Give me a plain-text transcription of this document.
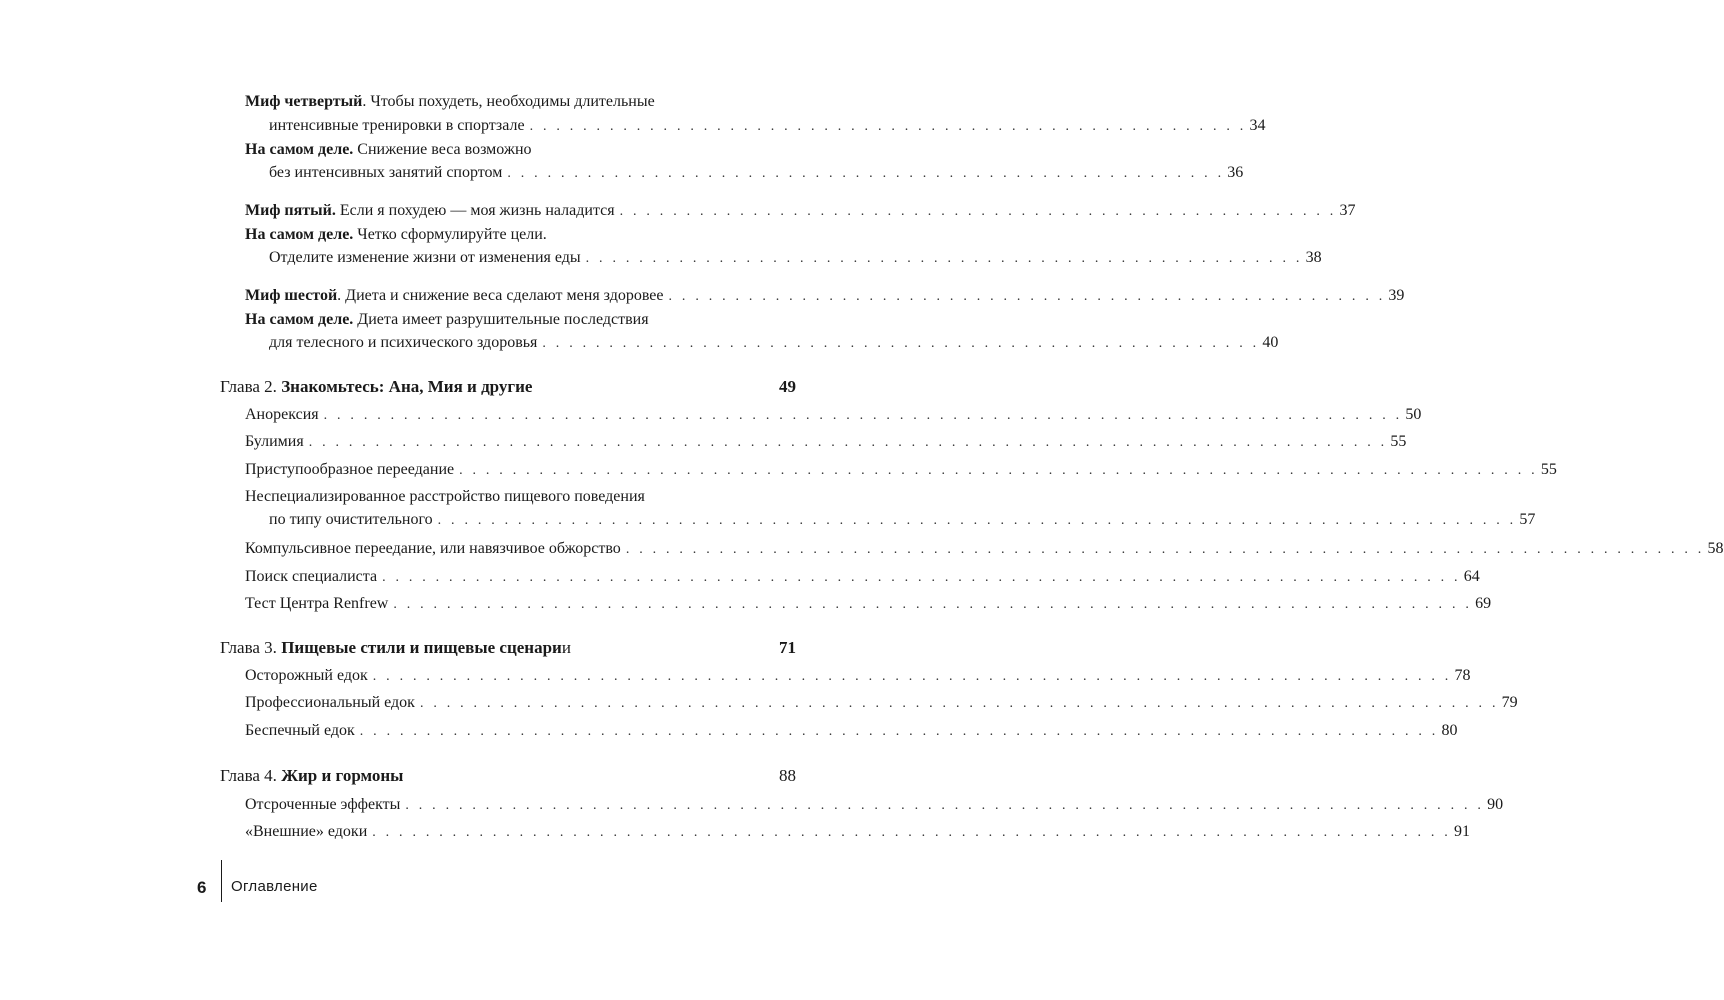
Миф четвертый. Чтобы похудеть, необходимы длительные
интенсивные тренировки в спортзале . . . . . . . . . . . . . . . . . . . . . . . . . . . . . . . . . . . . . . . . . . . . . . . . . . . . . . 34
На самом деле. Снижение веса возможно
без интенсивных занятий спортом . . . . . . . . . . . . . . . . . . . . . . . . . . . . . . . . . . . . . . . . . . . . . . . . . . . . . . 36
Миф пятый. Если я похудею — моя жизнь наладится . . . . . . . . . . . . . . . . . . . . . . . . . . . . . . . . . . . . . . . . . . . . . . . . . . . . . . 37
На самом деле. Четко сформулируйте цели.
Отделите изменение жизни от изменения еды . . . . . . . . . . . . . . . . . . . . . . . . . . . . . . . . . . . . . . . . . . . . . . . . . . . . . . 38
Миф шестой. Диета и снижение веса сделают меня здоровее . . . . . . . . . . . . . . . . . . . . . . . . . . . . . . . . . . . . . . . . . . . . . . . . . . . . . . 39
На самом деле. Диета имеет разрушительные последствия
для телесного и психического здоровья . . . . . . . . . . . . . . . . . . . . . . . . . . . . . . . . . . . . . . . . . . . . . . . . . . . . . . 40
Глава 2. Знакомьтесь: Ана, Мия и другие	49
Анорексия . . . . . . . . . . . . . . . . . . . . . . . . . . . . . . . . . . . . . . . . . . . . . . . . . . . . . . . . . . . . . . . . . . . . . . . . . . . . . . . . . 50
Булимия . . . . . . . . . . . . . . . . . . . . . . . . . . . . . . . . . . . . . . . . . . . . . . . . . . . . . . . . . . . . . . . . . . . . . . . . . . . . . . . . . 55
Приступообразное переедание . . . . . . . . . . . . . . . . . . . . . . . . . . . . . . . . . . . . . . . . . . . . . . . . . . . . . . . . . . . . . . . . . . . . . . . . . . . . . . . . . 55
Неспециализированное расстройство пищевого поведения
по типу очистительного . . . . . . . . . . . . . . . . . . . . . . . . . . . . . . . . . . . . . . . . . . . . . . . . . . . . . . . . . . . . . . . . . . . . . . . . . . . . . . . . . 57
Компульсивное переедание, или навязчивое обжорство . . . . . . . . . . . . . . . . . . . . . . . . . . . . . . . . . . . . . . . . . . . . . . . . . . . . . . . . . . . . . . . . . . . . . . . . . . . . . . . . . 58
Поиск специалиста . . . . . . . . . . . . . . . . . . . . . . . . . . . . . . . . . . . . . . . . . . . . . . . . . . . . . . . . . . . . . . . . . . . . . . . . . . . . . . . . . 64
Тест Центра Renfrew . . . . . . . . . . . . . . . . . . . . . . . . . . . . . . . . . . . . . . . . . . . . . . . . . . . . . . . . . . . . . . . . . . . . . . . . . . . . . . . . . 69
Глава 3. Пищевые стили и пищевые сценарии	71
Осторожный едок . . . . . . . . . . . . . . . . . . . . . . . . . . . . . . . . . . . . . . . . . . . . . . . . . . . . . . . . . . . . . . . . . . . . . . . . . . . . . . . . . 78
Профессиональный едок . . . . . . . . . . . . . . . . . . . . . . . . . . . . . . . . . . . . . . . . . . . . . . . . . . . . . . . . . . . . . . . . . . . . . . . . . . . . . . . . . 79
Беспечный едок . . . . . . . . . . . . . . . . . . . . . . . . . . . . . . . . . . . . . . . . . . . . . . . . . . . . . . . . . . . . . . . . . . . . . . . . . . . . . . . . . 80
Глава 4. Жир и гормоны	88
Отсроченные эффекты . . . . . . . . . . . . . . . . . . . . . . . . . . . . . . . . . . . . . . . . . . . . . . . . . . . . . . . . . . . . . . . . . . . . . . . . . . . . . . . . . 90
«Внешние» едоки . . . . . . . . . . . . . . . . . . . . . . . . . . . . . . . . . . . . . . . . . . . . . . . . . . . . . . . . . . . . . . . . . . . . . . . . . . . . . . . . . 91
6 Оглавление
